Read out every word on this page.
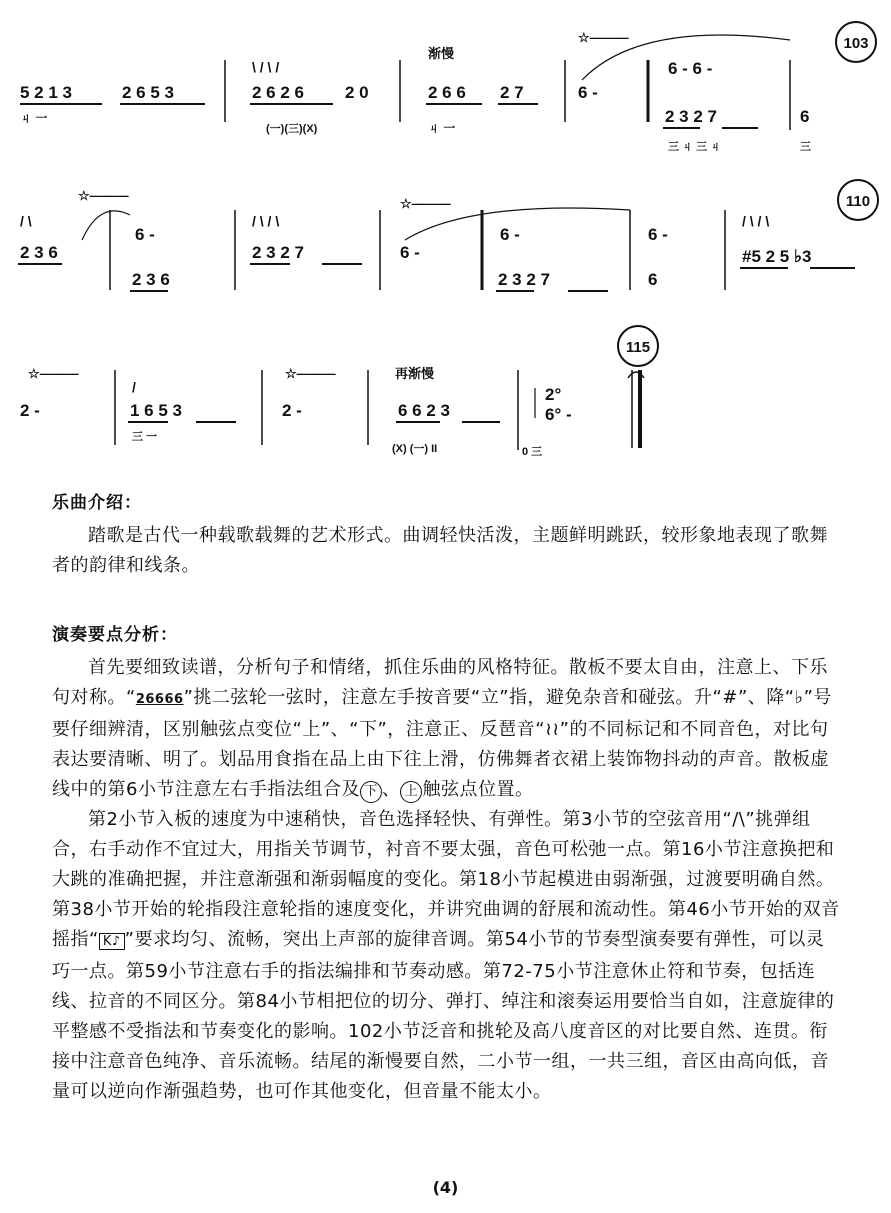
5 2 1 3	2 6 5 3
ㄐ 一
2 6 2 6 2 0
\ / \ /
(一)(三)(X)
渐慢
2 6 6 2 7
ㄐ 一
☆———
6 -
6 - 6 -
2 3 2 7
三 ㄐ 三 ㄐ
6
三
103
☆———
/ \
2 3 6
6 -
2 3 6
/ \ / \
2 3 2 7
☆———
6 -
6 -
2 3 2 7
6 -
6
/ \ / \
#5 2 5 ♭3
110
☆———
2 -
/
1 6 5 3
三 一
☆———
2 -
再渐慢
6 6 2 3
(X) (一) II
2°
6° -
0 三
115
乐曲介绍：

踏歌是古代一种载歌载舞的艺术形式。曲调轻快活泼，主题鲜明跳跃，较形象地表现了歌舞者的韵律和线条。

演奏要点分析：

首先要细致读谱，分析句子和情绪，抓住乐曲的风格特征。散板不要太自由，注意上、下乐句对称。“26666”挑二弦轮一弦时，注意左手按音要“立”指，避免杂音和碰弦。升“#”、降“♭”号要仔细辨清，区别触弦点变位“上”、“下”，注意正、反琶音“≀≀”的不同标记和不同音色，对比句表达要清晰、明了。划品用食指在品上由下往上滑，仿佛舞者衣裙上装饰物抖动的声音。散板虚线中的第6小节注意左右手指法组合及 下 、 上 触弦点位置。

第2小节入板的速度为中速稍快，音色选择轻快、有弹性。第3小节的空弦音用“/\”挑弹组合，右手动作不宜过大，用指关节调节，衬音不要太强，音色可松弛一点。第16小节注意换把和大跳的准确把握，并注意渐强和渐弱幅度的变化。第18小节起模进由弱渐强，过渡要明确自然。第38小节开始的轮指段注意轮指的速度变化，并讲究曲调的舒展和流动性。第46小节开始的双音摇指“ K♪ ”要求均匀、流畅，突出上声部的旋律音调。第54小节的节奏型演奏要有弹性，可以灵巧一点。第59小节注意右手的指法编排和节奏动感。第72-75小节注意休止符和节奏，包括连线、拉音的不同区分。第84小节相把位的切分、弹打、绰注和滚奏运用要恰当自如，注意旋律的平整感不受指法和节奏变化的影响。102小节泛音和挑轮及高八度音区的对比要自然、连贯。衔接中注意音色纯净、音乐流畅。结尾的渐慢要自然，二小节一组，一共三组，音区由高向低，音量可以逆向作渐强趋势，也可作其他变化，但音量不能太小。

(4)
